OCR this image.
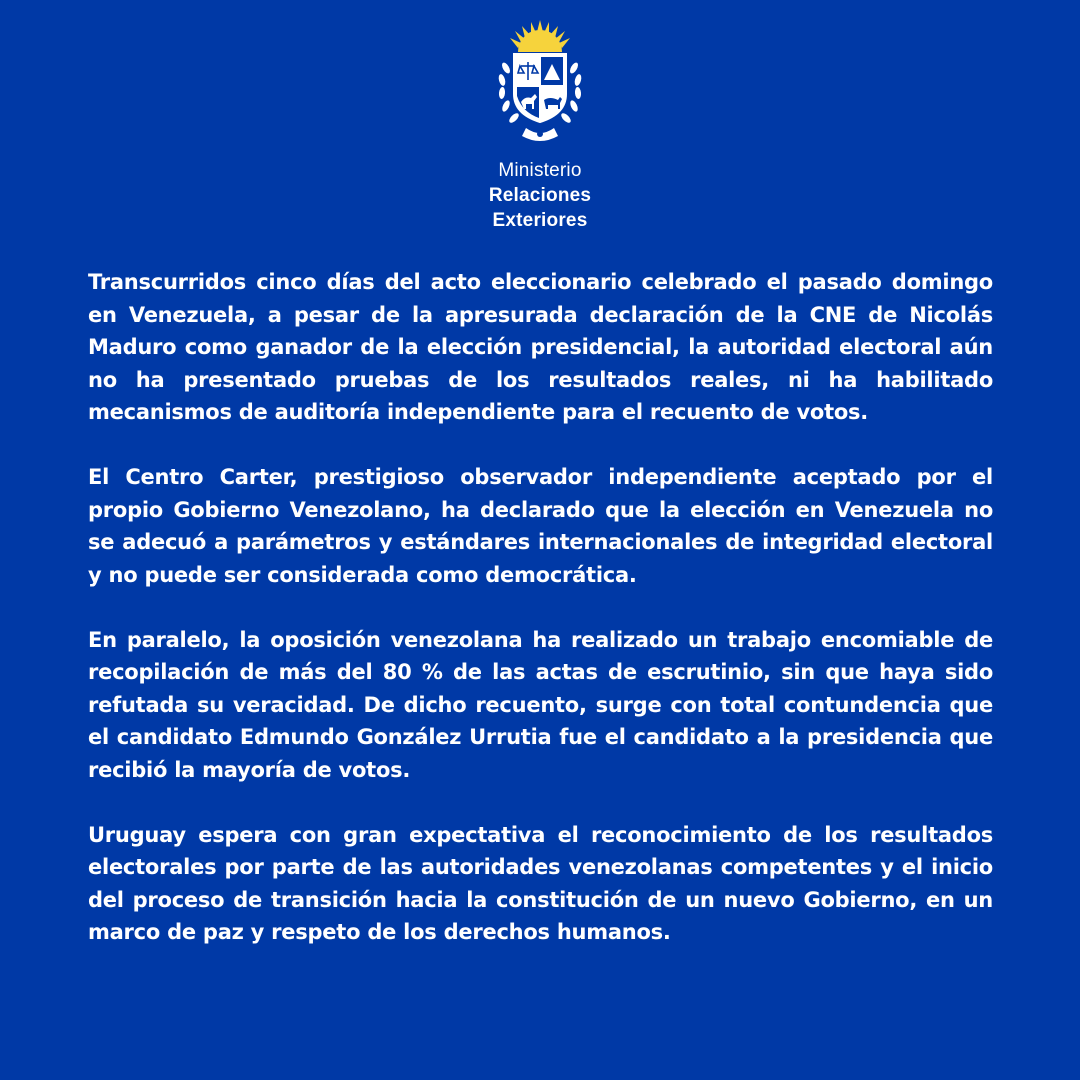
Ministerio
Relaciones
Exteriores

Transcurridos cinco días del acto eleccionario celebrado el pasado domingo en Venezuela, a pesar de la apresurada declaración de la CNE de Nicolás Maduro como ganador de la elección presidencial, la autoridad electoral aún no ha presentado pruebas de los resultados reales, ni ha habilitado mecanismos de auditoría independiente para el recuento de votos.

El Centro Carter, prestigioso observador independiente aceptado por el propio Gobierno Venezolano, ha declarado que la elección en Venezuela no se adecuó a parámetros y estándares internacionales de integridad electoral y no puede ser considerada como democrática.

En paralelo, la oposición venezolana ha realizado un trabajo encomiable de recopilación de más del 80 % de las actas de escrutinio, sin que haya sido refutada su veracidad. De dicho recuento, surge con total contundencia que el candidato Edmundo González Urrutia fue el candidato a la presidencia que recibió la mayoría de votos.

Uruguay espera con gran expectativa el reconocimiento de los resultados electorales por parte de las autoridades venezolanas competentes y el inicio del proceso de transición hacia la constitución de un nuevo Gobierno, en un marco de paz y respeto de los derechos humanos.
